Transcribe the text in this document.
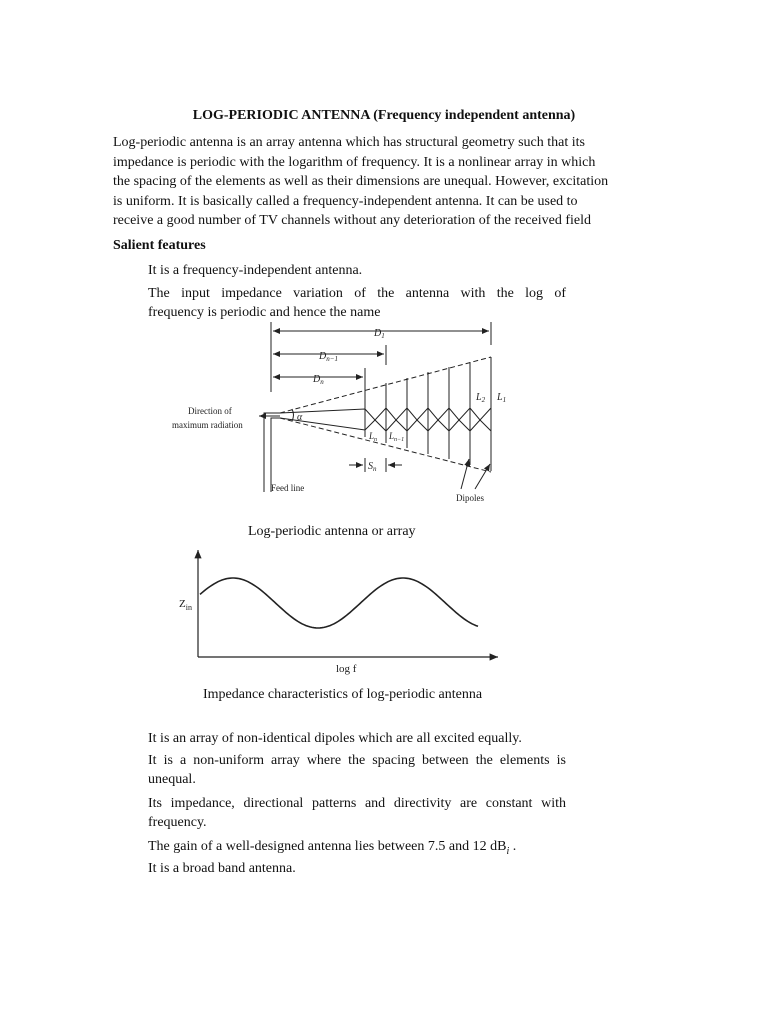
LOG-PERIODIC ANTENNA (Frequency independent antenna)
Log-periodic antenna is an array antenna which has structural geometry such that its
impedance is periodic with the logarithm of frequency. It is a nonlinear array in which
the spacing of the elements as well as their dimensions are unequal. However, excitation
is uniform. It is basically called a frequency-independent antenna. It can be used to
receive a good number of TV channels without any deterioration of the received field
Salient features
It is a frequency-independent antenna.
The input impedance variation of the antenna with the log of
frequency is periodic and hence the name
$D_1$
$D_{n-1}$
$D_n$
$L_2$ $L_1$
$L_n$ $L_{n-1}$
$S_n$
α
Direction of
maximum radiation
Feed line
Dipoles
Log-periodic antenna or array
$Z_{in}$
log f
Impedance characteristics of log-periodic antenna
It is an array of non-identical dipoles which are all excited equally.
It is a non-uniform array where the spacing between the elements is
unequal.
Its impedance, directional patterns and directivity are constant with
frequency.
The gain of a well-designed antenna lies between 7.5 and 12 $dB_i$ .
It is a broad band antenna.
